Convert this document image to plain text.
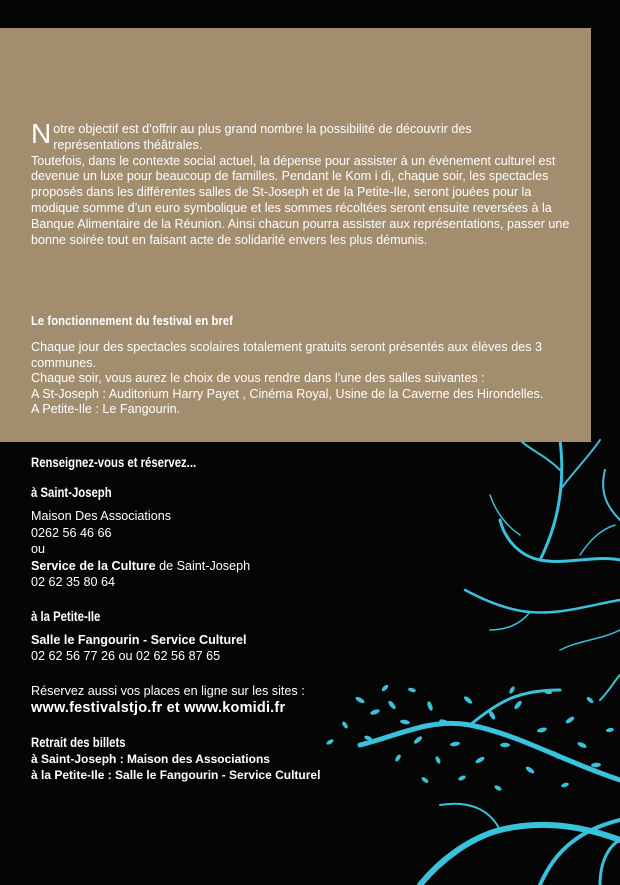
N otre objectif est d’offrir au plus grand nombre la possibilité de découvrir des
représentations théâtrales.

Toutefois, dans le contexte social actuel, la dépense pour assister à un évènement culturel est devenue un luxe pour beaucoup de familles. Pendant le Kom i di, chaque soir, les spectacles proposés dans les différentes salles de St-Joseph et de la Petite-Ile, seront jouées pour la modique somme d’un euro symbolique et les sommes récoltées seront ensuite reversées à la Banque Alimentaire de la Réunion. Ainsi chacun pourra assister aux représentations, passer une bonne soirée tout en faisant acte de solidarité envers les plus démunis.

Le fonctionnement du festival en bref

Chaque jour des spectacles scolaires totalement gratuits seront présentés aux élèves des 3 communes.

Chaque soir, vous aurez le choix de vous rendre dans l’une des salles suivantes :

A St-Joseph : Auditorium Harry Payet , Cinéma Royal, Usine de la Caverne des Hirondelles.

A Petite-Ile : Le Fangourin.

Renseignez-vous et réservez...
à Saint-Joseph

Maison Des Associations

0262 56 46 66

ou

Service de la Culture de Saint-Joseph

02 62 35 80 64

à la Petite-Ile

Salle le Fangourin - Service Culturel

02 62 56 77 26 ou 02 62 56 87 65

Réservez aussi vos places en ligne sur les sites :

www.festivalstjo.fr et www.komidi.fr

Retrait des billets

à Saint-Joseph : Maison des Associations

à la Petite-Ile : Salle le Fangourin - Service Culturel
